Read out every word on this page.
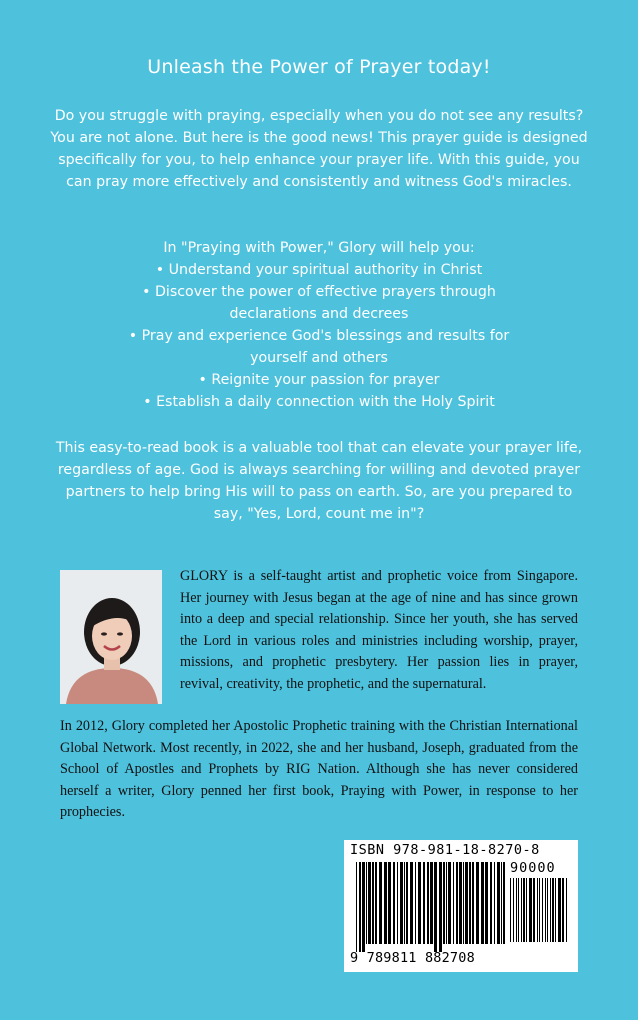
Unleash the Power of Prayer today!

Do you struggle with praying, especially when you do not see any results? You are not alone. But here is the good news! This prayer guide is designed specifically for you, to help enhance your prayer life. With this guide, you can pray more effectively and consistently and witness God's miracles.

In "Praying with Power," Glory will help you:
• Understand your spiritual authority in Christ
• Discover the power of effective prayers through declarations and decrees
• Pray and experience God's blessings and results for yourself and others
• Reignite your passion for prayer
• Establish a daily connection with the Holy Spirit

This easy-to-read book is a valuable tool that can elevate your prayer life, regardless of age. God is always searching for willing and devoted prayer partners to help bring His will to pass on earth. So, are you prepared to say, "Yes, Lord, count me in"?

GLORY is a self-taught artist and prophetic voice from Singapore. Her journey with Jesus began at the age of nine and has since grown into a deep and special relationship. Since her youth, she has served the Lord in various roles and ministries including worship, prayer, missions, and prophetic presbytery. Her passion lies in prayer, revival, creativity, the prophetic, and the supernatural.

In 2012, Glory completed her Apostolic Prophetic training with the Christian International Global Network. Most recently, in 2022, she and her husband, Joseph, graduated from the School of Apostles and Prophets by RIG Nation. Although she has never considered herself a writer, Glory penned her first book, Praying with Power, in response to her prophecies.

ISBN 978-981-18-8270-8
90000
9 789811 882708
